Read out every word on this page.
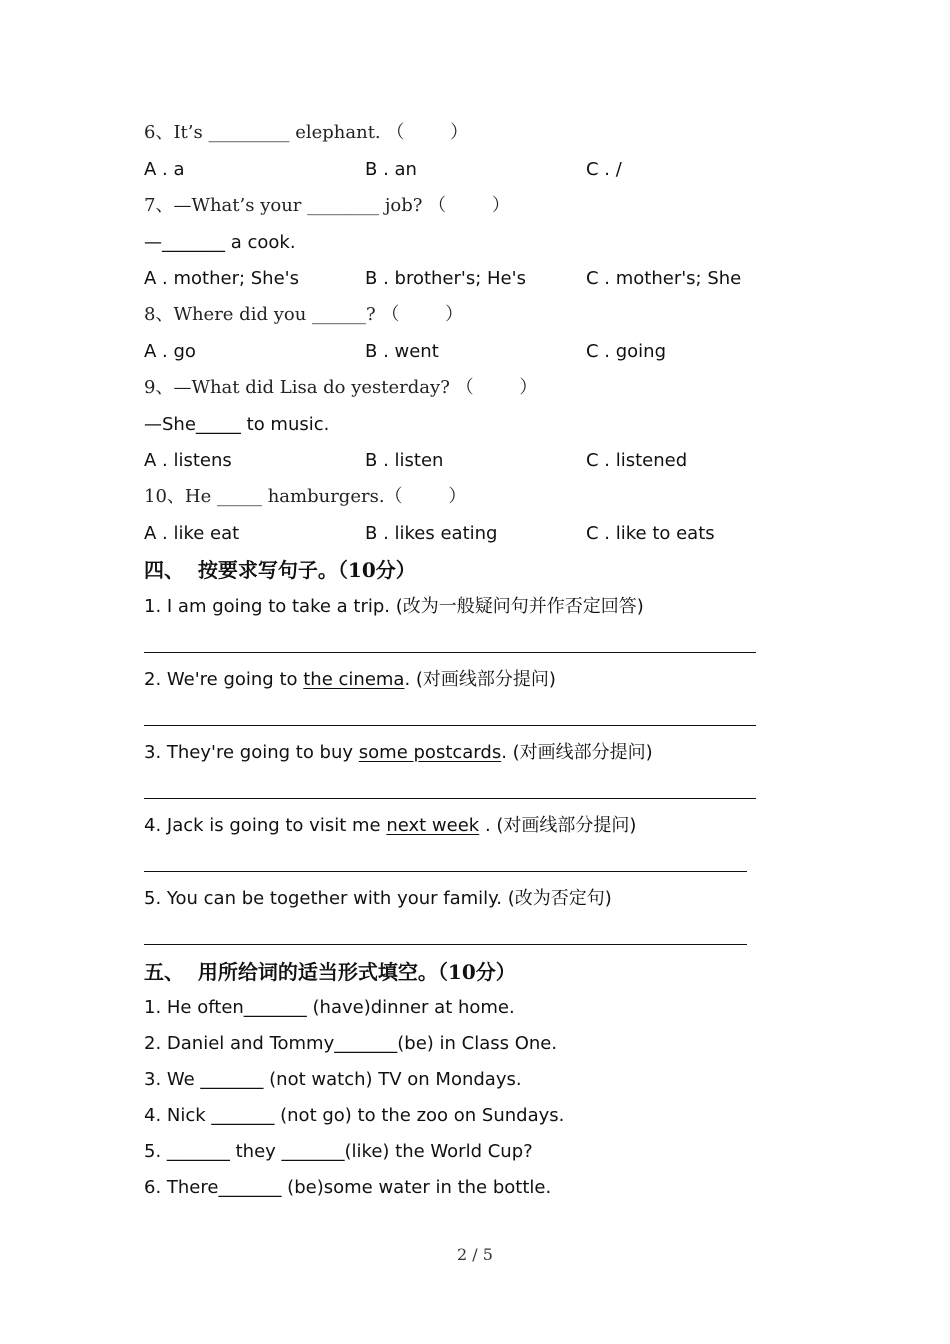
6、It’s _________ elephant. （        ）
A . a	B . an	C . /
7、—What’s your ________ job? （        ）
—_______ a cook.
A . mother; She's	B . brother's; He's	C . mother's; She
8、Where did you ______? （        ）
A . go	B . went	C . going
9、—What did Lisa do yesterday? （        ）
—She_____ to music.
A . listens	B . listen	C . listened
10、He _____ hamburgers.（        ）
A . like eat	B . likes eating	C . like to eats
四、  按要求写句子。（10分）
1. I am going to take a trip. (改为一般疑问句并作否定回答)
2. We're going to the cinema. (对画线部分提问)
3. They're going to buy some postcards. (对画线部分提问)
4. Jack is going to visit me next week . (对画线部分提问)
5. You can be together with your family. (改为否定句)
五、  用所给词的适当形式填空。（10分）
1. He often_______ (have)dinner at home.
2. Daniel and Tommy_______(be) in Class One.
3. We _______ (not watch) TV on Mondays.
4. Nick _______ (not go) to the zoo on Sundays.
5. _______ they _______(like) the World Cup?
6. There_______ (be)some water in the bottle.
2 / 5
